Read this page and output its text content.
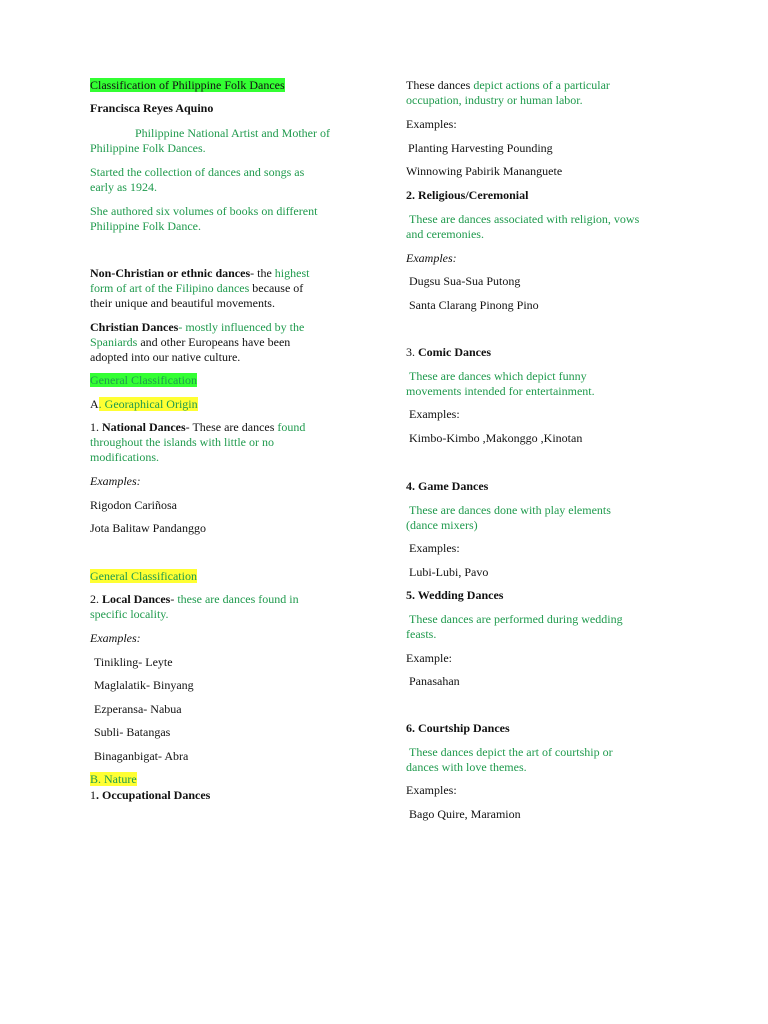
Classification of Philippine Folk Dances
Francisca Reyes Aquino
Philippine National Artist and Mother of
Philippine Folk Dances.
Started the collection of dances and songs as
early as 1924.
She authored six volumes of books on different
Philippine Folk Dance.
Non-Christian or ethnic dances- the highest
form of art of the Filipino dances because of
their unique and beautiful movements.
Christian Dances- mostly influenced by the
Spaniards and other Europeans have been
adopted into our native culture.
General Classification
A. Georaphical Origin
1. National Dances- These are dances found
throughout the islands with little or no
modifications.
Examples:
Rigodon Cariñosa
Jota Balitaw Pandanggo
General Classification
2. Local Dances- these are dances found in
specific locality.
Examples:
Tinikling- Leyte
Maglalatik- Binyang
Ezperansa- Nabua
Subli- Batangas
Binaganbigat- Abra
B. Nature
1. Occupational Dances
These dances depict actions of a particular
occupation, industry or human labor.
Examples:
Planting Harvesting Pounding
Winnowing Pabirik Mananguete
2. Religious/Ceremonial
These are dances associated with religion, vows
and ceremonies.
Examples:
Dugsu Sua-Sua Putong
Santa Clarang Pinong Pino
3. Comic Dances
These are dances which depict funny
movements intended for entertainment.
Examples:
Kimbo-Kimbo ,Makonggo ,Kinotan
4. Game Dances
These are dances done with play elements
(dance mixers)
Examples:
Lubi-Lubi, Pavo
5. Wedding Dances
These dances are performed during wedding
feasts.
Example:
Panasahan
6. Courtship Dances
These dances depict the art of courtship or
dances with love themes.
Examples:
Bago Quire, Maramion
